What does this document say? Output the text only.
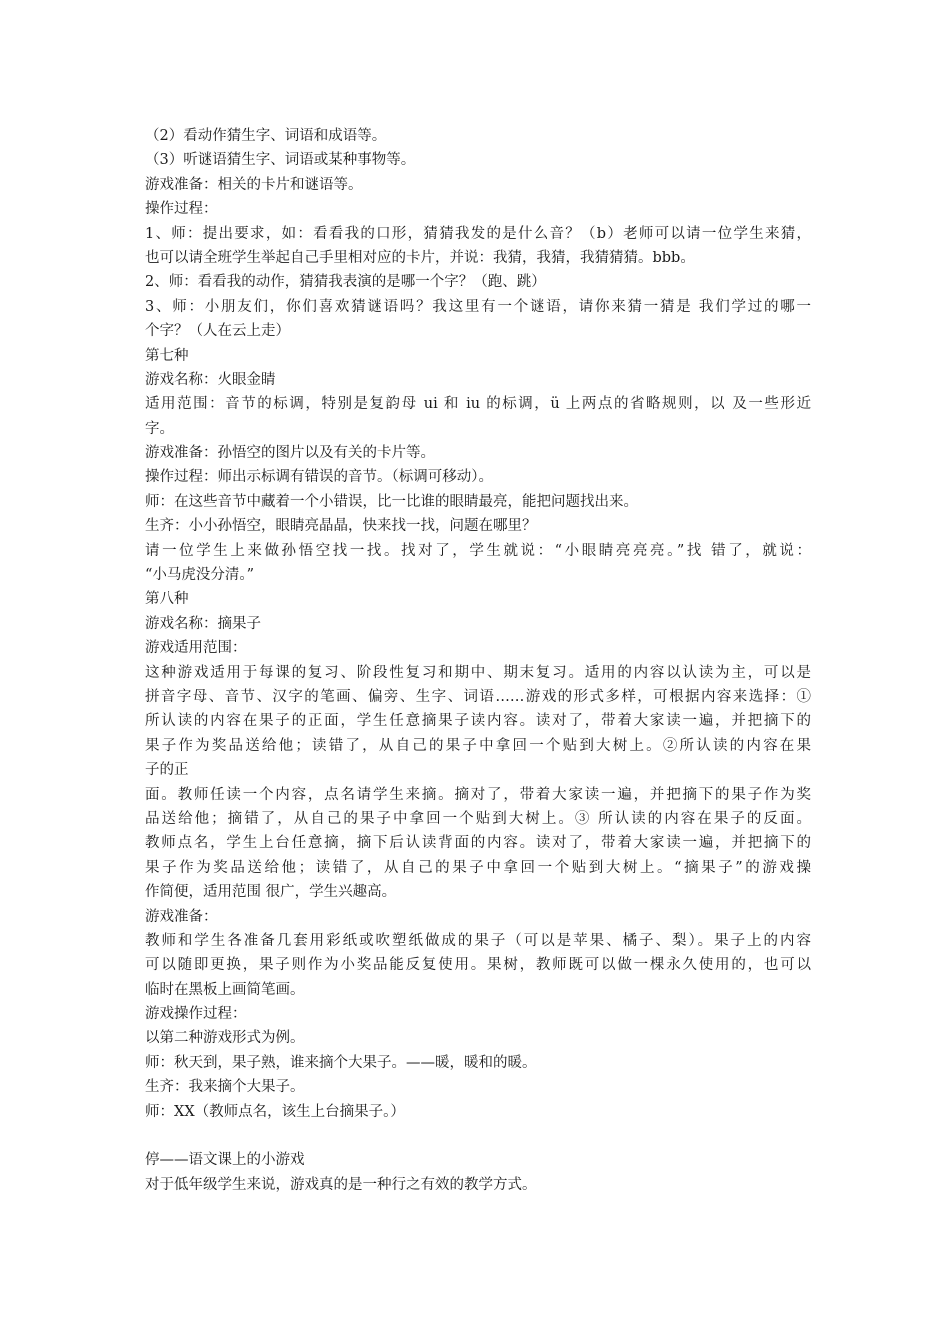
（2）看动作猜生字、词语和成语等。
（3）听谜语猜生字、词语或某种事物等。
游戏准备：相关的卡片和谜语等。
操作过程：
1、师：提出要求，如：看看我的口形，猜猜我发的是什么音？（b）老师可以请一位学生来猜，
也可以请全班学生举起自己手里相对应的卡片，并说：我猜，我猜，我猜猜猜。bbb。
2、师：看看我的动作，猜猜我表演的是哪一个字？（跑、跳）
3、师：小朋友们，你们喜欢猜谜语吗？我这里有一个谜语，请你来猜一猜是 我们学过的哪一
个字？（人在云上走）
第七种
游戏名称：火眼金睛
适用范围：音节的标调，特别是复韵母 ui 和 iu 的标调，ü 上两点的省略规则，以 及一些形近
字。
游戏准备：孙悟空的图片以及有关的卡片等。
操作过程：师出示标调有错误的音节。（标调可移动）。
师：在这些音节中藏着一个小错误，比一比谁的眼睛最亮，能把问题找出来。
生齐：小小孙悟空，眼睛亮晶晶，快来找一找，问题在哪里？
请一位学生上来做孙悟空找一找。找对了，学生就说：“小眼睛亮亮亮。”找 错了，就说：
“小马虎没分清。”
第八种
游戏名称：摘果子
游戏适用范围：
这种游戏适用于每课的复习、阶段性复习和期中、期末复习。适用的内容以认读为主，可以是
拼音字母、音节、汉字的笔画、偏旁、生字、词语……游戏的形式多样，可根据内容来选择：①
所认读的内容在果子的正面，学生任意摘果子读内容。读对了，带着大家读一遍，并把摘下的
果子作为奖品送给他；读错了，从自己的果子中拿回一个贴到大树上。②所认读的内容在果
子的正
面。教师任读一个内容，点名请学生来摘。摘对了，带着大家读一遍，并把摘下的果子作为奖
品送给他；摘错了，从自己的果子中拿回一个贴到大树上。③ 所认读的内容在果子的反面。
教师点名，学生上台任意摘，摘下后认读背面的内容。读对了，带着大家读一遍，并把摘下的
果子作为奖品送给他；读错了，从自己的果子中拿回一个贴到大树上。“摘果子”的游戏操
作简便，适用范围 很广，学生兴趣高。
游戏准备：
教师和学生各准备几套用彩纸或吹塑纸做成的果子（可以是苹果、橘子、梨）。果子上的内容
可以随即更换，果子则作为小奖品能反复使用。果树，教师既可以做一棵永久使用的，也可以
临时在黑板上画简笔画。
游戏操作过程：
以第二种游戏形式为例。
师：秋天到，果子熟，谁来摘个大果子。——暖，暖和的暖。
生齐：我来摘个大果子。
师：XX（教师点名，该生上台摘果子。）
停——语文课上的小游戏
对于低年级学生来说，游戏真的是一种行之有效的教学方式。
